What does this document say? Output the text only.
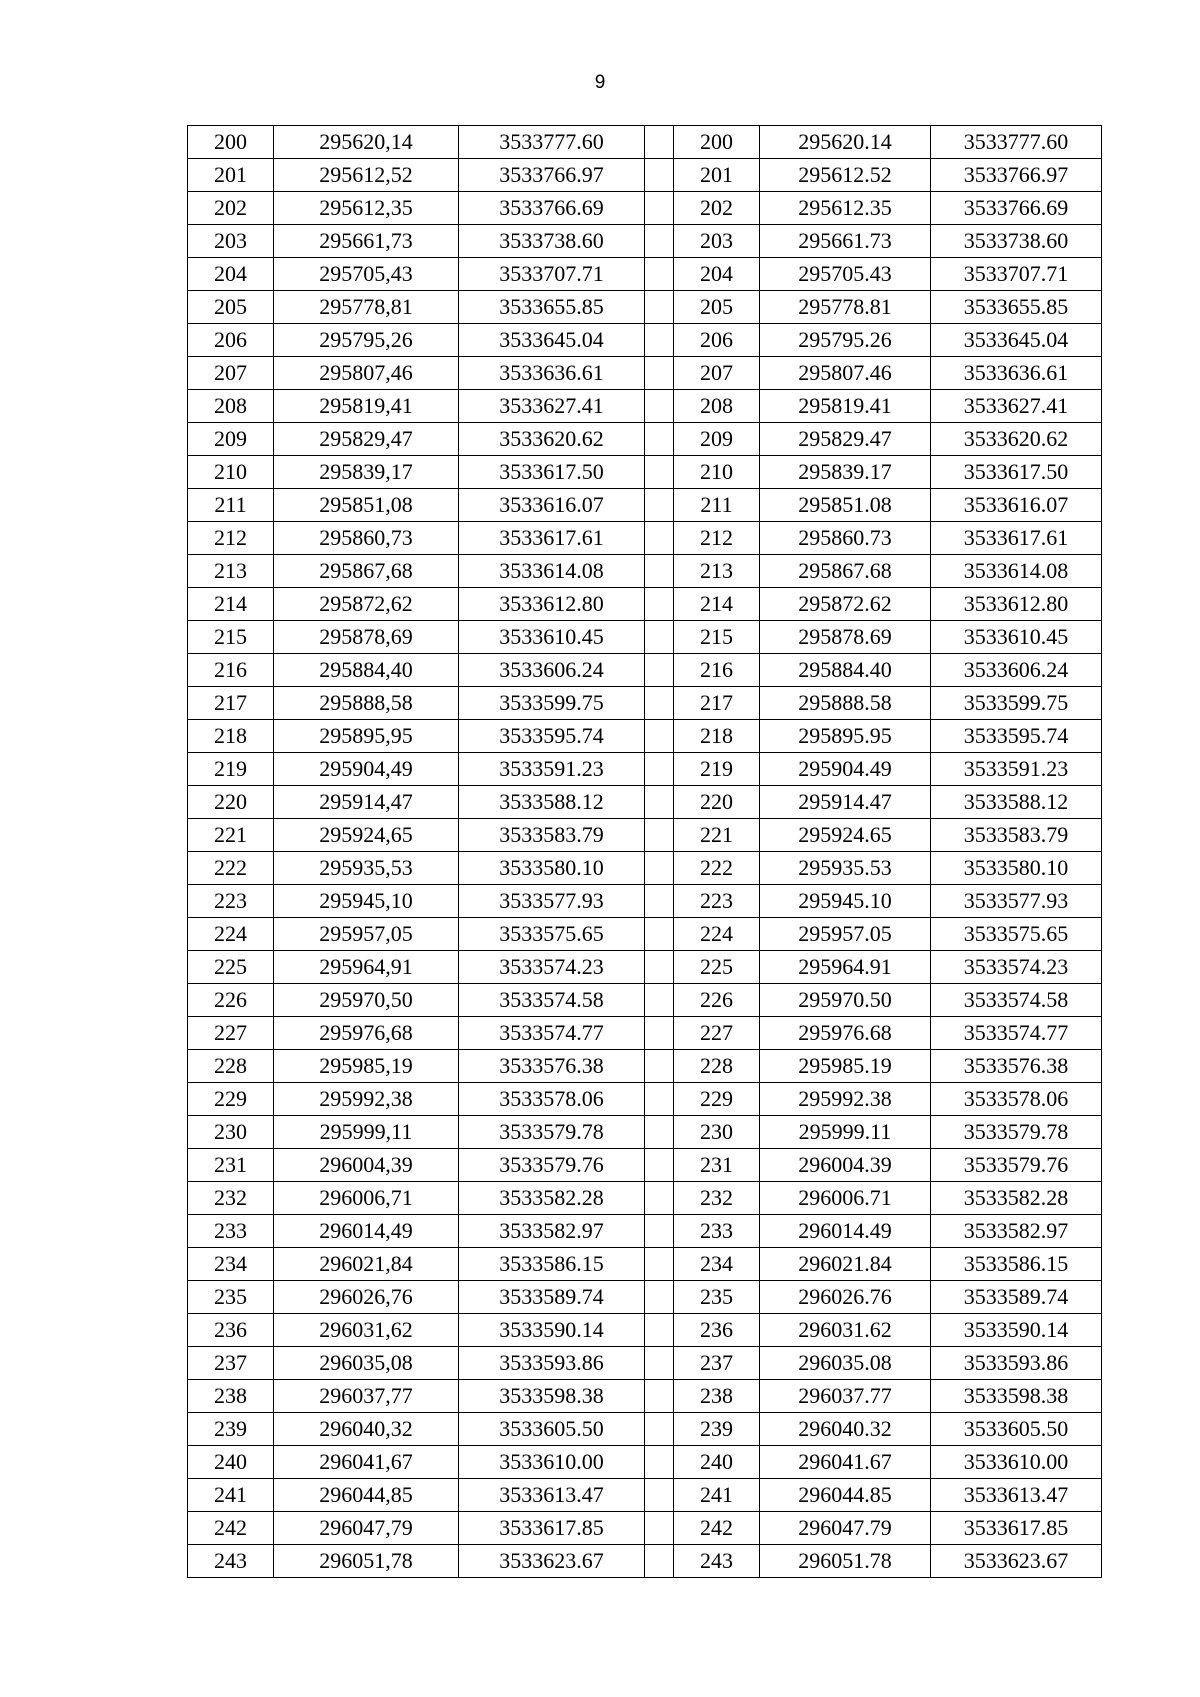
9
200	295620,14	3533777.60		200	295620.14	3533777.60
201	295612,52	3533766.97		201	295612.52	3533766.97
202	295612,35	3533766.69		202	295612.35	3533766.69
203	295661,73	3533738.60		203	295661.73	3533738.60
204	295705,43	3533707.71		204	295705.43	3533707.71
205	295778,81	3533655.85		205	295778.81	3533655.85
206	295795,26	3533645.04		206	295795.26	3533645.04
207	295807,46	3533636.61		207	295807.46	3533636.61
208	295819,41	3533627.41		208	295819.41	3533627.41
209	295829,47	3533620.62		209	295829.47	3533620.62
210	295839,17	3533617.50		210	295839.17	3533617.50
211	295851,08	3533616.07		211	295851.08	3533616.07
212	295860,73	3533617.61		212	295860.73	3533617.61
213	295867,68	3533614.08		213	295867.68	3533614.08
214	295872,62	3533612.80		214	295872.62	3533612.80
215	295878,69	3533610.45		215	295878.69	3533610.45
216	295884,40	3533606.24		216	295884.40	3533606.24
217	295888,58	3533599.75		217	295888.58	3533599.75
218	295895,95	3533595.74		218	295895.95	3533595.74
219	295904,49	3533591.23		219	295904.49	3533591.23
220	295914,47	3533588.12		220	295914.47	3533588.12
221	295924,65	3533583.79		221	295924.65	3533583.79
222	295935,53	3533580.10		222	295935.53	3533580.10
223	295945,10	3533577.93		223	295945.10	3533577.93
224	295957,05	3533575.65		224	295957.05	3533575.65
225	295964,91	3533574.23		225	295964.91	3533574.23
226	295970,50	3533574.58		226	295970.50	3533574.58
227	295976,68	3533574.77		227	295976.68	3533574.77
228	295985,19	3533576.38		228	295985.19	3533576.38
229	295992,38	3533578.06		229	295992.38	3533578.06
230	295999,11	3533579.78		230	295999.11	3533579.78
231	296004,39	3533579.76		231	296004.39	3533579.76
232	296006,71	3533582.28		232	296006.71	3533582.28
233	296014,49	3533582.97		233	296014.49	3533582.97
234	296021,84	3533586.15		234	296021.84	3533586.15
235	296026,76	3533589.74		235	296026.76	3533589.74
236	296031,62	3533590.14		236	296031.62	3533590.14
237	296035,08	3533593.86		237	296035.08	3533593.86
238	296037,77	3533598.38		238	296037.77	3533598.38
239	296040,32	3533605.50		239	296040.32	3533605.50
240	296041,67	3533610.00		240	296041.67	3533610.00
241	296044,85	3533613.47		241	296044.85	3533613.47
242	296047,79	3533617.85		242	296047.79	3533617.85
243	296051,78	3533623.67		243	296051.78	3533623.67
